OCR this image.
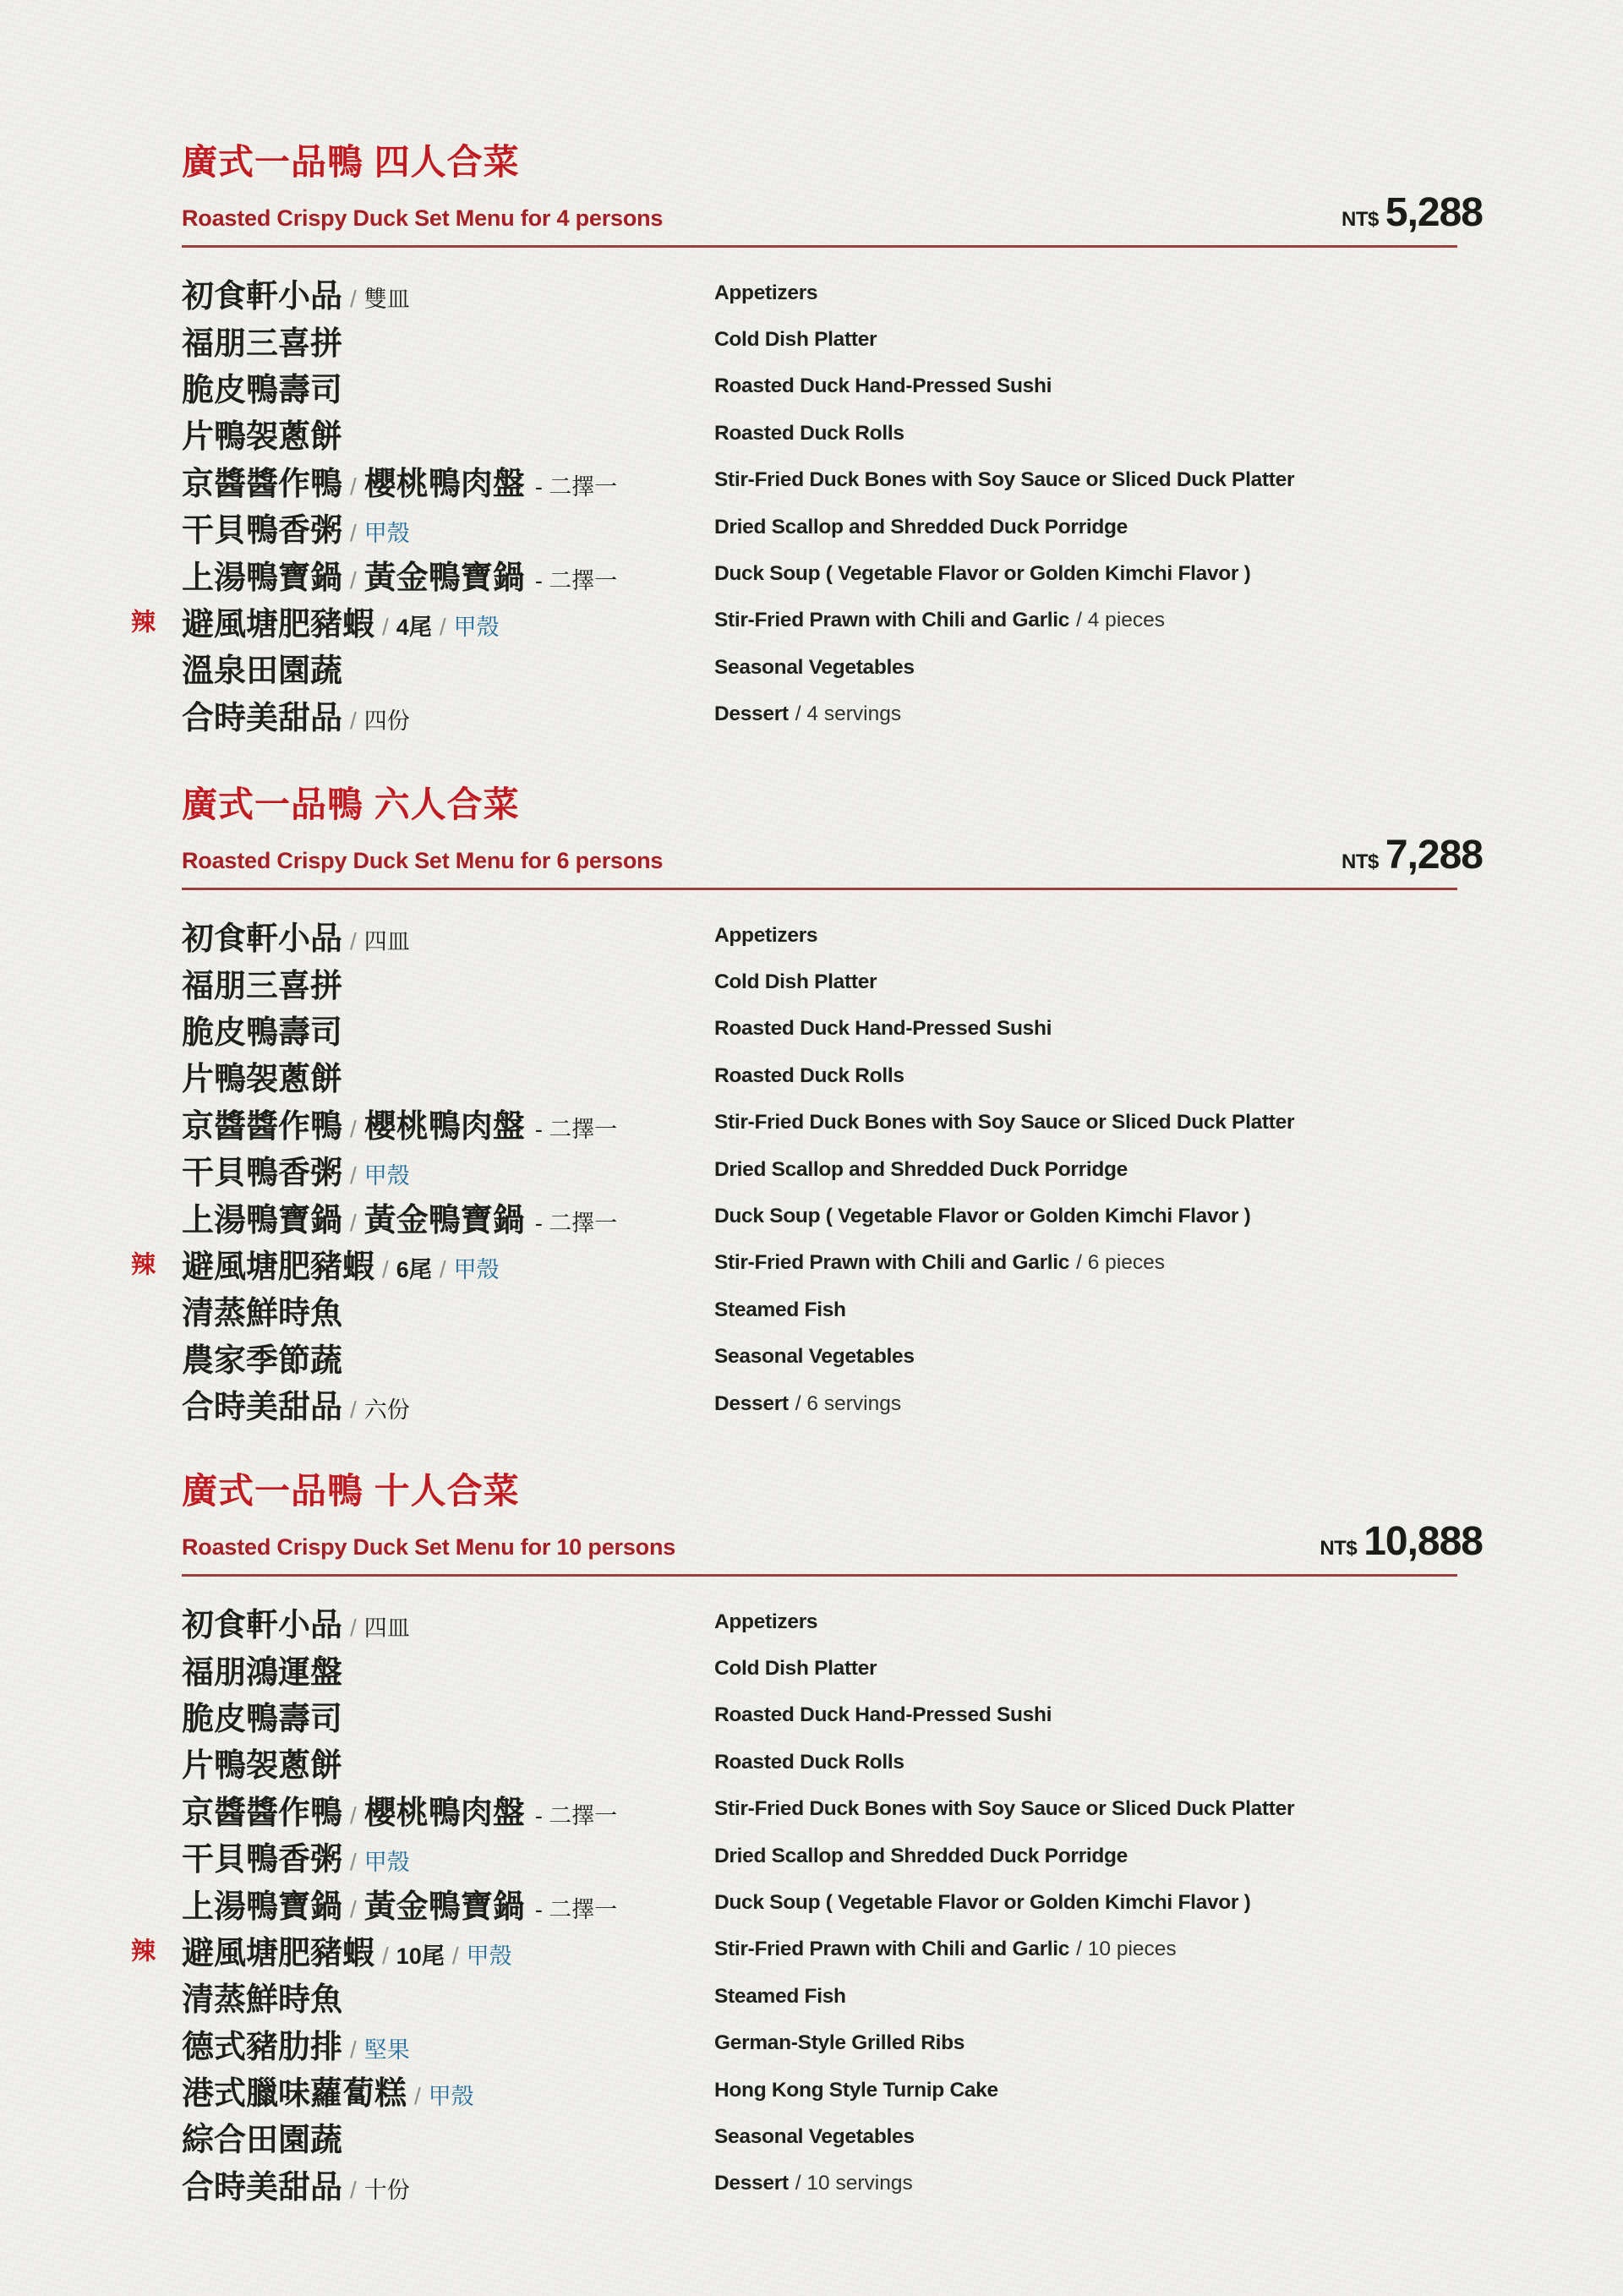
廣式一品鴨 四人合菜
Roasted Crispy Duck Set Menu for 4 persons	NT$ 5,288
初食軒小品 / 雙皿	Appetizers
福朋三喜拼	Cold Dish Platter
脆皮鴨壽司	Roasted Duck Hand-Pressed Sushi
片鴨袈蔥餅	Roasted Duck Rolls
京醬醬作鴨 / 櫻桃鴨肉盤 - 二擇一	Stir-Fried Duck Bones with Soy Sauce or Sliced Duck Platter
干貝鴨香粥 / 甲殼	Dried Scallop and Shredded Duck Porridge
上湯鴨寶鍋 / 黃金鴨寶鍋 - 二擇一	Duck Soup ( Vegetable Flavor or Golden Kimchi Flavor )
辣 避風塘肥豬蝦 / 4尾 / 甲殼	Stir-Fried Prawn with Chili and Garlic / 4 pieces
溫泉田園蔬	Seasonal Vegetables
合時美甜品 / 四份	Dessert / 4 servings
廣式一品鴨 六人合菜
Roasted Crispy Duck Set Menu for 6 persons	NT$ 7,288
初食軒小品 / 四皿	Appetizers
福朋三喜拼	Cold Dish Platter
脆皮鴨壽司	Roasted Duck Hand-Pressed Sushi
片鴨袈蔥餅	Roasted Duck Rolls
京醬醬作鴨 / 櫻桃鴨肉盤 - 二擇一	Stir-Fried Duck Bones with Soy Sauce or Sliced Duck Platter
干貝鴨香粥 / 甲殼	Dried Scallop and Shredded Duck Porridge
上湯鴨寶鍋 / 黃金鴨寶鍋 - 二擇一	Duck Soup ( Vegetable Flavor or Golden Kimchi Flavor )
辣 避風塘肥豬蝦 / 6尾 / 甲殼	Stir-Fried Prawn with Chili and Garlic / 6 pieces
清蒸鮮時魚	Steamed Fish
農家季節蔬	Seasonal Vegetables
合時美甜品 / 六份	Dessert / 6 servings
廣式一品鴨 十人合菜
Roasted Crispy Duck Set Menu for 10 persons	NT$ 10,888
初食軒小品 / 四皿	Appetizers
福朋鴻運盤	Cold Dish Platter
脆皮鴨壽司	Roasted Duck Hand-Pressed Sushi
片鴨袈蔥餅	Roasted Duck Rolls
京醬醬作鴨 / 櫻桃鴨肉盤 - 二擇一	Stir-Fried Duck Bones with Soy Sauce or Sliced Duck Platter
干貝鴨香粥 / 甲殼	Dried Scallop and Shredded Duck Porridge
上湯鴨寶鍋 / 黃金鴨寶鍋 - 二擇一	Duck Soup ( Vegetable Flavor or Golden Kimchi Flavor )
辣 避風塘肥豬蝦 / 10尾 / 甲殼	Stir-Fried Prawn with Chili and Garlic / 10 pieces
清蒸鮮時魚	Steamed Fish
德式豬肋排 / 堅果	German-Style Grilled Ribs
港式臘味蘿蔔糕 / 甲殼	Hong Kong Style Turnip Cake
綜合田園蔬	Seasonal Vegetables
合時美甜品 / 十份	Dessert / 10 servings
